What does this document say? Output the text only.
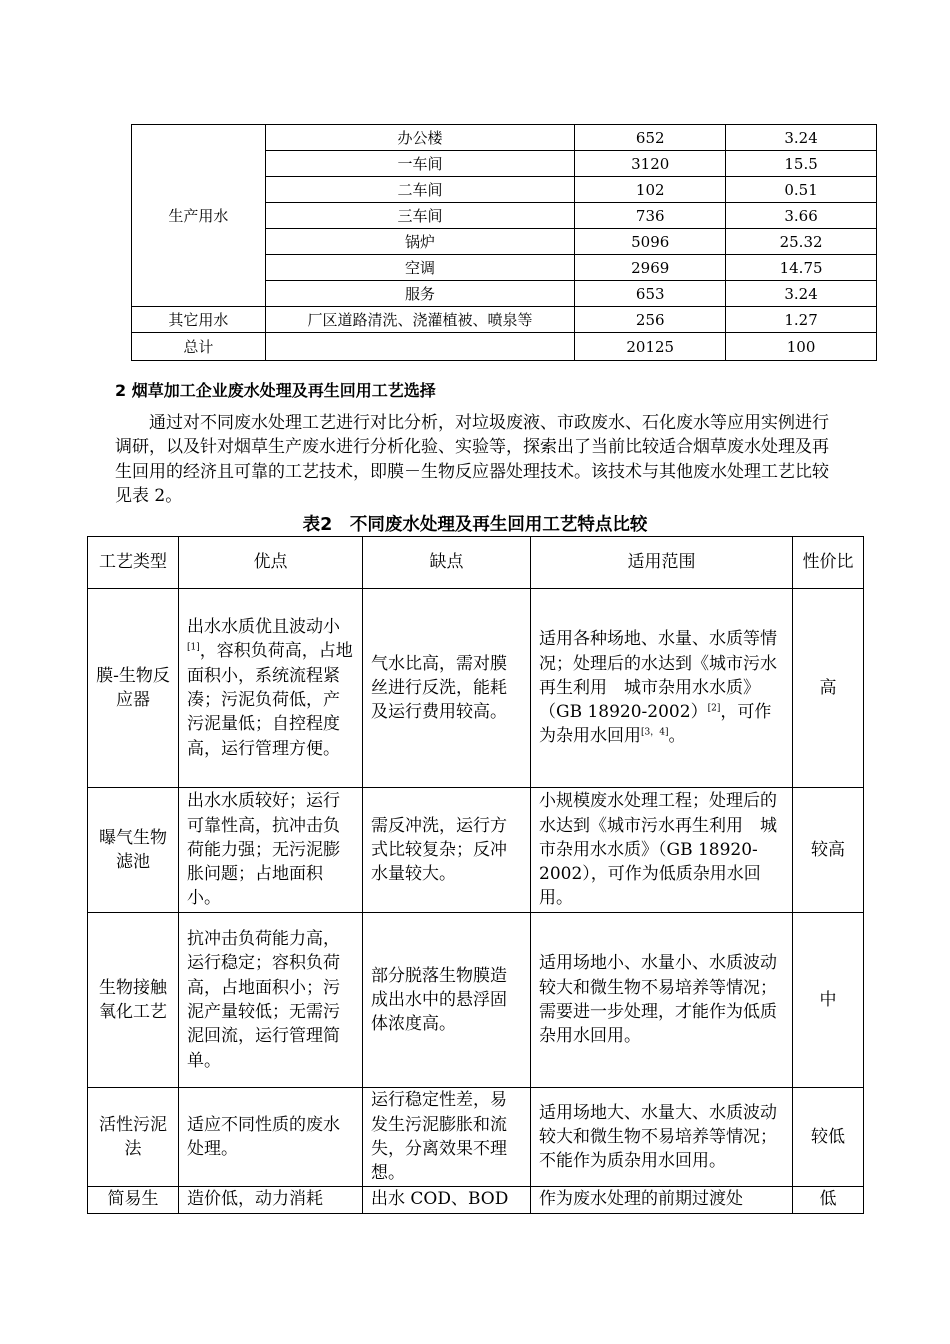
生产用水	办公楼	652	3.24
	一车间	3120	15.5
	二车间	102	0.51
	三车间	736	3.66
	锅炉	5096	25.32
	空调	2969	14.75
	服务	653	3.24
其它用水	厂区道路清洗、浇灌植被、喷泉等	256	1.27
总计		20125	100
2 烟草加工企业废水处理及再生回用工艺选择

通过对不同废水处理工艺进行对比分析，对垃圾废液、市政废水、石化废水等应用实例进行调研，以及针对烟草生产废水进行分析化验、实验等，探索出了当前比较适合烟草废水处理及再生回用的经济且可靠的工艺技术，即膜－生物反应器处理技术。该技术与其他废水处理工艺比较见表 2。

表2　不同废水处理及再生回用工艺特点比较
工艺类型	优点	缺点	适用范围	性价比
膜-生物反应器	出水水质优且波动小[1]，容积负荷高，占地面积小，系统流程紧凑；污泥负荷低，产污泥量低；自控程度高，运行管理方便。	气水比高，需对膜丝进行反洗，能耗及运行费用较高。	适用各种场地、水量、水质等情况；处理后的水达到《城市污水再生利用　城市杂用水水质》（GB 18920-2002）[2]，可作为杂用水回用[3，4]。	高
曝气生物滤池	出水水质较好；运行可靠性高，抗冲击负荷能力强；无污泥膨胀问题；占地面积小。	需反冲洗，运行方式比较复杂；反冲水量较大。	小规模废水处理工程；处理后的水达到《城市污水再生利用　城市杂用水水质》（GB 18920-2002），可作为低质杂用水回用。	较高
生物接触氧化工艺	抗冲击负荷能力高，运行稳定；容积负荷高，占地面积小；污泥产量较低；无需污泥回流，运行管理简单。	部分脱落生物膜造成出水中的悬浮固体浓度高。	适用场地小、水量小、水质波动较大和微生物不易培养等情况；需要进一步处理，才能作为低质杂用水回用。	中
活性污泥法	适应不同性质的废水处理。	运行稳定性差，易发生污泥膨胀和流失，分离效果不理想。	适用场地大、水量大、水质波动较大和微生物不易培养等情况；不能作为质杂用水回用。	较低
简易生	造价低，动力消耗	出水 COD、BOD	作为废水处理的前期过渡处	低
